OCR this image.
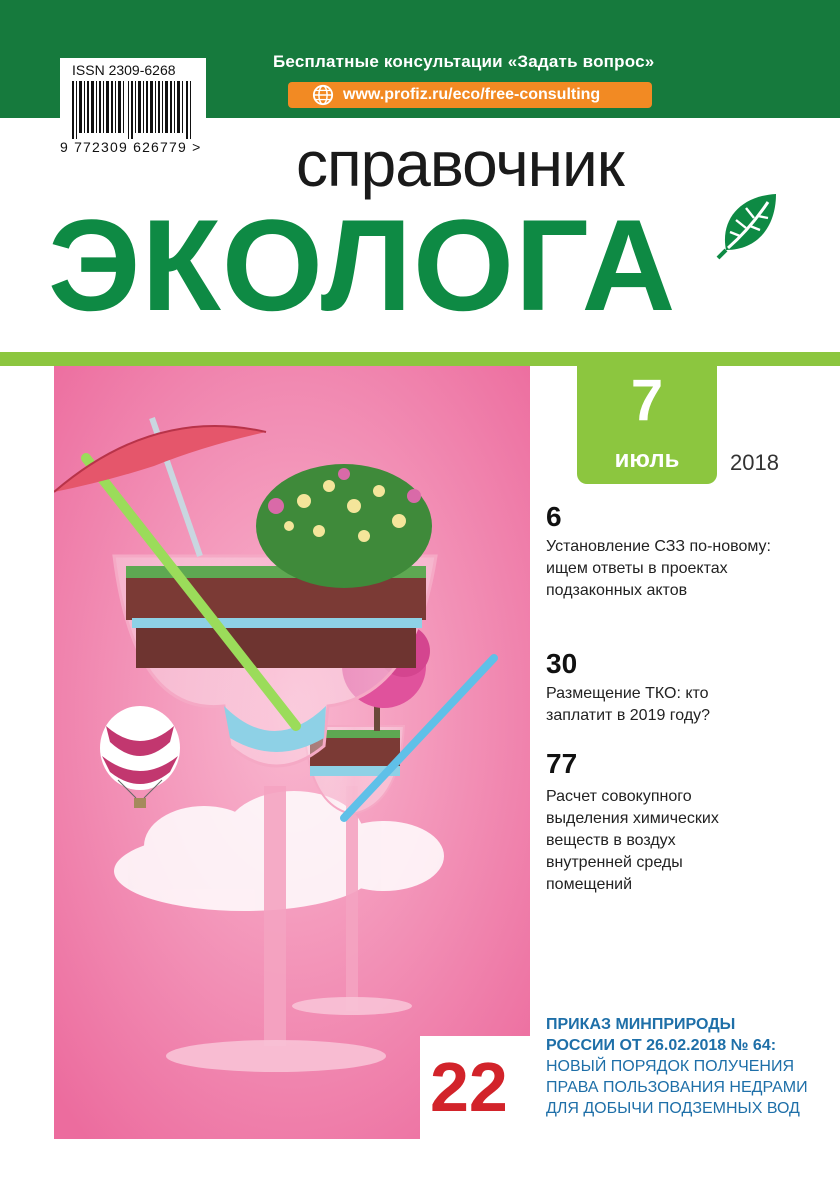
Бесплатные консультации «Задать вопрос»
www.profiz.ru/eco/free-consulting
ISSN 2309-6268
9 772309 626779 > справочник
ЭКОЛОГА
7
июль	2018
6
Установление СЗЗ по-новому: ищем ответы в проектах подзаконных актов
30
Размещение ТКО: кто заплатит в 2019 году?
77
Расчет совокупного выделения химических веществ в воздух внутренней среды помещений
22
ПРИКАЗ МИНПРИРОДЫ РОССИИ ОТ 26.02.2018 № 64:
НОВЫЙ ПОРЯДОК ПОЛУЧЕНИЯ ПРАВА ПОЛЬЗОВАНИЯ НЕДРАМИ ДЛЯ ДОБЫЧИ ПОДЗЕМНЫХ ВОД
